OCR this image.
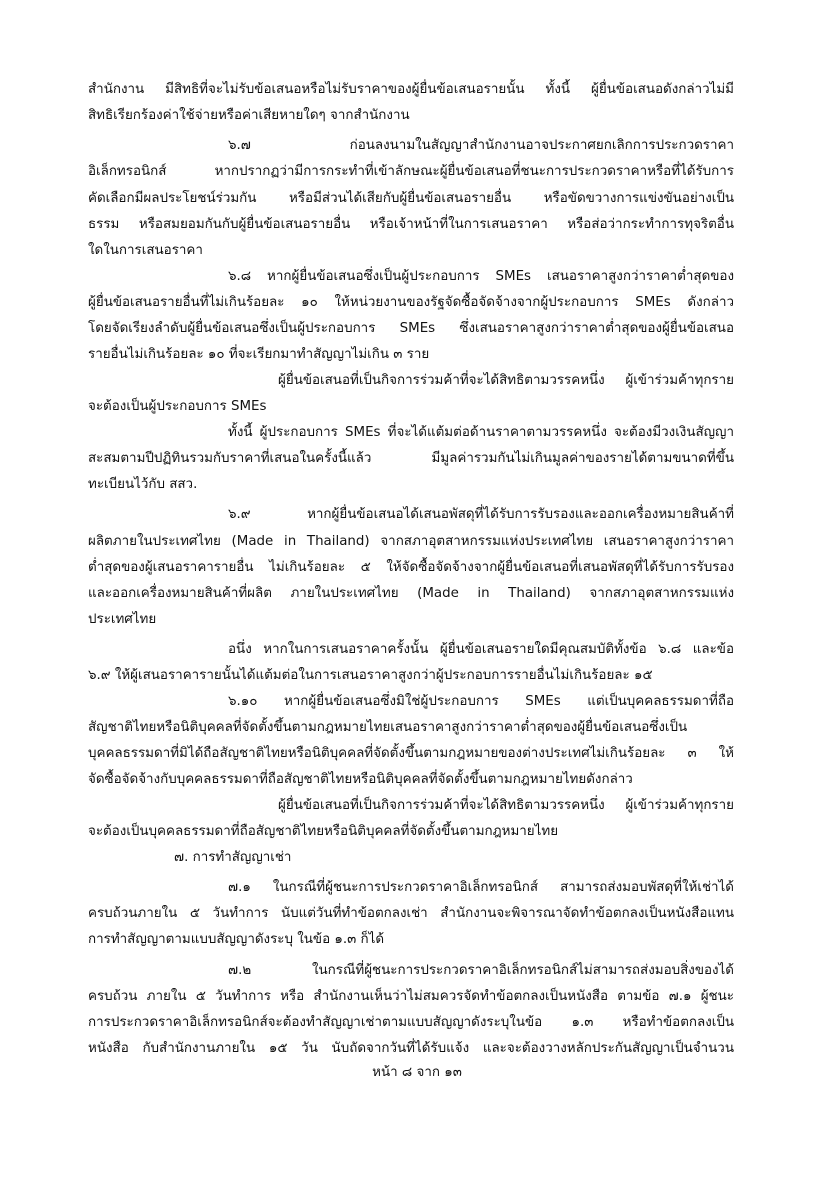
สำนักงาน มีสิทธิที่จะไม่รับข้อเสนอหรือไม่รับราคาของผู้ยื่นข้อเสนอรายนั้น ทั้งนี้ ผู้ยื่นข้อเสนอดังกล่าวไม่มี
สิทธิเรียกร้องค่าใช้จ่ายหรือค่าเสียหายใดๆ จากสำนักงาน
๖.๗ ก่อนลงนามในสัญญาสำนักงานอาจประกาศยกเลิกการประกวดราคา
อิเล็กทรอนิกส์ หากปรากฏว่ามีการกระทำที่เข้าลักษณะผู้ยื่นข้อเสนอที่ชนะการประกวดราคาหรือที่ได้รับการ
คัดเลือกมีผลประโยชน์ร่วมกัน หรือมีส่วนได้เสียกับผู้ยื่นข้อเสนอรายอื่น หรือขัดขวางการแข่งขันอย่างเป็น
ธรรม หรือสมยอมกันกับผู้ยื่นข้อเสนอรายอื่น หรือเจ้าหน้าที่ในการเสนอราคา หรือส่อว่ากระทำการทุจริตอื่น
ใดในการเสนอราคา
๖.๘ หากผู้ยื่นข้อเสนอซึ่งเป็นผู้ประกอบการ SMEs เสนอราคาสูงกว่าราคาต่ำสุดของ
ผู้ยื่นข้อเสนอรายอื่นที่ไม่เกินร้อยละ ๑๐ ให้หน่วยงานของรัฐจัดซื้อจัดจ้างจากผู้ประกอบการ SMEs ดังกล่าว
โดยจัดเรียงลำดับผู้ยื่นข้อเสนอซึ่งเป็นผู้ประกอบการ SMEs ซึ่งเสนอราคาสูงกว่าราคาต่ำสุดของผู้ยื่นข้อเสนอ
รายอื่นไม่เกินร้อยละ ๑๐ ที่จะเรียกมาทำสัญญาไม่เกิน ๓ ราย
ผู้ยื่นข้อเสนอที่เป็นกิจการร่วมค้าที่จะได้สิทธิตามวรรคหนึ่ง ผู้เข้าร่วมค้าทุกราย
จะต้องเป็นผู้ประกอบการ SMEs
ทั้งนี้ ผู้ประกอบการ SMEs ที่จะได้แต้มต่อด้านราคาตามวรรคหนึ่ง จะต้องมีวงเงินสัญญา
สะสมตามปีปฏิทินรวมกับราคาที่เสนอในครั้งนี้แล้ว มีมูลค่ารวมกันไม่เกินมูลค่าของรายได้ตามขนาดที่ขึ้น
ทะเบียนไว้กับ สสว.
๖.๙ หากผู้ยื่นข้อเสนอได้เสนอพัสดุที่ได้รับการรับรองและออกเครื่องหมายสินค้าที่
ผลิตภายในประเทศไทย (Made in Thailand) จากสภาอุตสาหกรรมแห่งประเทศไทย เสนอราคาสูงกว่าราคา
ต่ำสุดของผู้เสนอราคารายอื่น ไม่เกินร้อยละ ๕ ให้จัดซื้อจัดจ้างจากผู้ยื่นข้อเสนอที่เสนอพัสดุที่ได้รับการรับรอง
และออกเครื่องหมายสินค้าที่ผลิต ภายในประเทศไทย (Made in Thailand) จากสภาอุตสาหกรรมแห่ง
ประเทศไทย
อนึ่ง หากในการเสนอราคาครั้งนั้น ผู้ยื่นข้อเสนอรายใดมีคุณสมบัติทั้งข้อ ๖.๘ และข้อ
๖.๙ ให้ผู้เสนอราคารายนั้นได้แต้มต่อในการเสนอราคาสูงกว่าผู้ประกอบการรายอื่นไม่เกินร้อยละ ๑๕
๖.๑๐ หากผู้ยื่นข้อเสนอซึ่งมิใช่ผู้ประกอบการ SMEs แต่เป็นบุคคลธรรมดาที่ถือ
สัญชาติไทยหรือนิติบุคคลที่จัดตั้งขึ้นตามกฎหมายไทยเสนอราคาสูงกว่าราคาต่ำสุดของผู้ยื่นข้อเสนอซึ่งเป็น
บุคคลธรรมดาที่มิได้ถือสัญชาติไทยหรือนิติบุคคลที่จัดตั้งขึ้นตามกฎหมายของต่างประเทศไม่เกินร้อยละ ๓ ให้
จัดซื้อจัดจ้างกับบุคคลธรรมดาที่ถือสัญชาติไทยหรือนิติบุคคลที่จัดตั้งขึ้นตามกฎหมายไทยดังกล่าว
ผู้ยื่นข้อเสนอที่เป็นกิจการร่วมค้าที่จะได้สิทธิตามวรรคหนึ่ง ผู้เข้าร่วมค้าทุกราย
จะต้องเป็นบุคคลธรรมดาที่ถือสัญชาติไทยหรือนิติบุคคลที่จัดตั้งขึ้นตามกฎหมายไทย
๗. การทำสัญญาเช่า
๗.๑ ในกรณีที่ผู้ชนะการประกวดราคาอิเล็กทรอนิกส์ สามารถส่งมอบพัสดุที่ให้เช่าได้
ครบถ้วนภายใน ๕ วันทำการ นับแต่วันที่ทำข้อตกลงเช่า สำนักงานจะพิจารณาจัดทำข้อตกลงเป็นหนังสือแทน
การทำสัญญาตามแบบสัญญาดังระบุ ในข้อ ๑.๓ ก็ได้
๗.๒ ในกรณีที่ผู้ชนะการประกวดราคาอิเล็กทรอนิกส์ไม่สามารถส่งมอบสิ่งของได้
ครบถ้วน ภายใน ๕ วันทำการ หรือ สำนักงานเห็นว่าไม่สมควรจัดทำข้อตกลงเป็นหนังสือ ตามข้อ ๗.๑ ผู้ชนะ
การประกวดราคาอิเล็กทรอนิกส์จะต้องทำสัญญาเช่าตามแบบสัญญาดังระบุในข้อ ๑.๓ หรือทำข้อตกลงเป็น
หนังสือ กับสำนักงานภายใน ๑๕ วัน นับถัดจากวันที่ได้รับแจ้ง และจะต้องวางหลักประกันสัญญาเป็นจำนวน
หน้า ๘ จาก ๑๓
